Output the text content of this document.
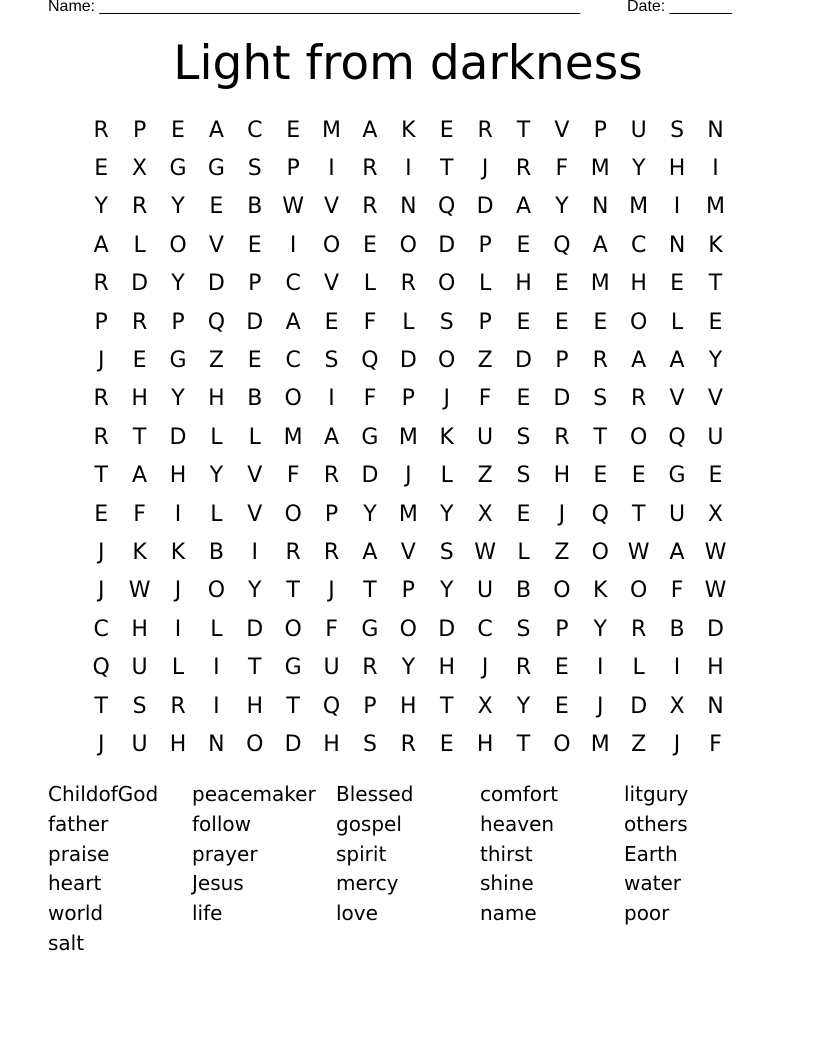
Name: ______________________________________________________	Date: _______
Light from darkness
R	P	E	A	C	E M A	K	E	R	T	V	P	U	S	N
E	X	G G	S	P	I	R	I	T	J	R	F	M	Y	H	I
Y	R	Y	E	B W V	R	N Q D	A	Y	N M	I	M
A	L	O	V	E	I	O	E	O D	P	E	Q	A	C	N	K
R	D	Y	D	P	C	V	L	R	O	L	H	E M H	E	T
P	R	P	Q D	A	E	F	L	S	P	E	E	E	O	L	E
J	E	G	Z	E	C	S	Q D O	Z	D	P	R	A	A	Y
R	H	Y	H	B	O	I	F	P	J	F	E	D	S	R	V	V
R	T	D	L	L	M A	G M K	U	S	R	T	O Q U
T	A	H	Y	V	F	R	D	J	L	Z	S	H	E	E	G	E
E	F	I	L	V	O	P	Y	M	Y	X	E	J	Q	T	U	X
J	K	K	B	I	R	R	A	V	S W L	Z	O W A W
J	W	J	O	Y	T	J	T	P	Y	U	B	O	K	O	F W
C	H	I	L	D O	F	G O D	C	S	P	Y	R	B	D
Q U	L	I	T	G U	R	Y	H	J	R	E	I	L	I	H
T	S	R	I	H	T	Q	P	H	T	X	Y	E	J	D	X	N
J	U	H N O D H	S	R	E	H	T	O M Z	J	F
ChildofGod	peacemaker	Blessed	comfort	litgury
father	follow	gospel	heaven	others
praise	prayer	spirit	thirst	Earth
heart	Jesus	mercy	shine	water
world	life	love	name	poor
salt
